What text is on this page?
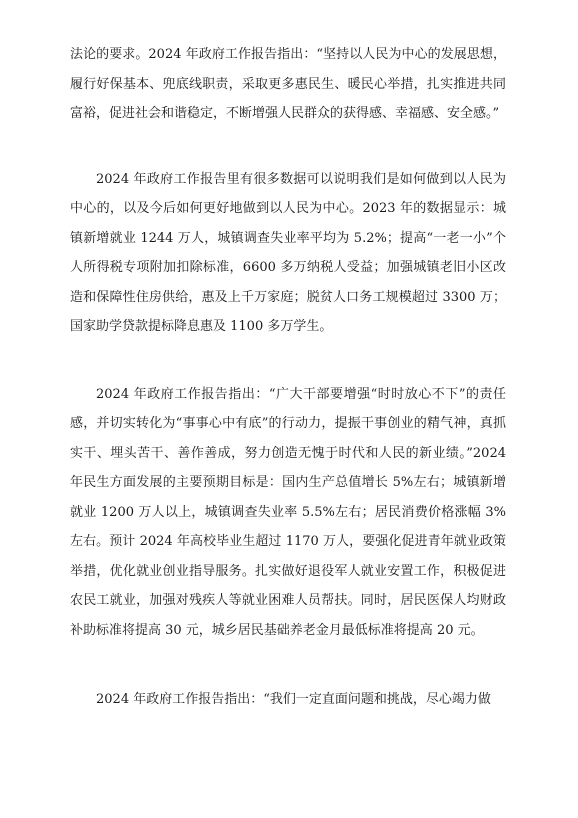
法论的要求。2024 年政府工作报告指出：“坚持以人民为中心的发展思想，履行好保基本、兜底线职责，采取更多惠民生、暖民心举措，扎实推进共同富裕，促进社会和谐稳定，不断增强人民群众的获得感、幸福感、安全感。”

2024 年政府工作报告里有很多数据可以说明我们是如何做到以人民为中心的，以及今后如何更好地做到以人民为中心。2023 年的数据显示：城镇新增就业 1244 万人，城镇调查失业率平均为 5.2%；提高“一老一小”个人所得税专项附加扣除标准，6600 多万纳税人受益；加强城镇老旧小区改造和保障性住房供给，惠及上千万家庭；脱贫人口务工规模超过 3300 万；国家助学贷款提标降息惠及 1100 多万学生。

2024 年政府工作报告指出：“广大干部要增强“时时放心不下”的责任感，并切实转化为“事事心中有底”的行动力，提振干事创业的精气神，真抓实干、埋头苦干、善作善成，努力创造无愧于时代和人民的新业绩。”2024 年民生方面发展的主要预期目标是：国内生产总值增长 5%左右；城镇新增就业 1200 万人以上，城镇调查失业率 5.5%左右；居民消费价格涨幅 3%左右。预计 2024 年高校毕业生超过 1170 万人，要强化促进青年就业政策举措，优化就业创业指导服务。扎实做好退役军人就业安置工作，积极促进农民工就业，加强对残疾人等就业困难人员帮扶。同时，居民医保人均财政补助标准将提高 30 元，城乡居民基础养老金月最低标准将提高 20 元。

2024 年政府工作报告指出：“我们一定直面问题和挑战，尽心竭力做
